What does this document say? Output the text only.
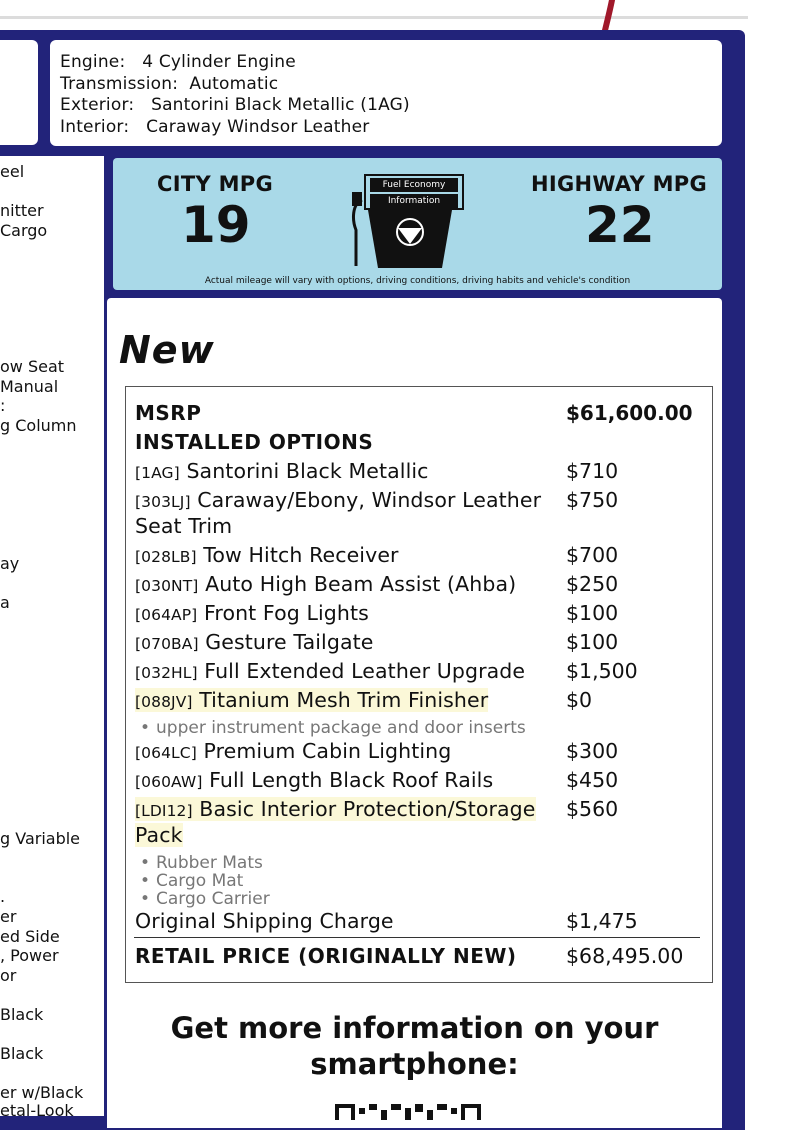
Engine: 4 Cylinder Engine
Transmission: Automatic
Exterior: Santorini Black Metallic (1AG)
Interior: Caraway Windsor Leather
eel
nitter
Cargo
ow Seat
Manual
:
g Column
ay
a
g Variable
.
er
ed Side
, Power
or
Black
Black
er w/Black
etal-Look
CITY MPG
19
HIGHWAY MPG
22
Fuel Economy
Information
Actual mileage will vary with options, driving conditions, driving habits and vehicle's condition
New
MSRP	$61,600.00
INSTALLED OPTIONS
[1AG] Santorini Black Metallic	$710
[303LJ] Caraway/Ebony, Windsor Leather $750
Seat Trim
[028LB] Tow Hitch Receiver	$700
[030NT] Auto High Beam Assist (Ahba) $250
[064AP] Front Fog Lights	$100
[070BA] Gesture Tailgate	$100
[032HL] Full Extended Leather Upgrade $1,500
[088JV] Titanium Mesh Trim Finisher	$0
• upper instrument package and door inserts
[064LC] Premium Cabin Lighting	$300
[060AW] Full Length Black Roof Rails	$450
[LDI12] Basic Interior Protection/Storage $560
Pack
• Rubber Mats
• Cargo Mat
• Cargo Carrier
Original Shipping Charge	$1,475
RETAIL PRICE (ORIGINALLY NEW) $68,495.00
Get more information on your
smartphone:
